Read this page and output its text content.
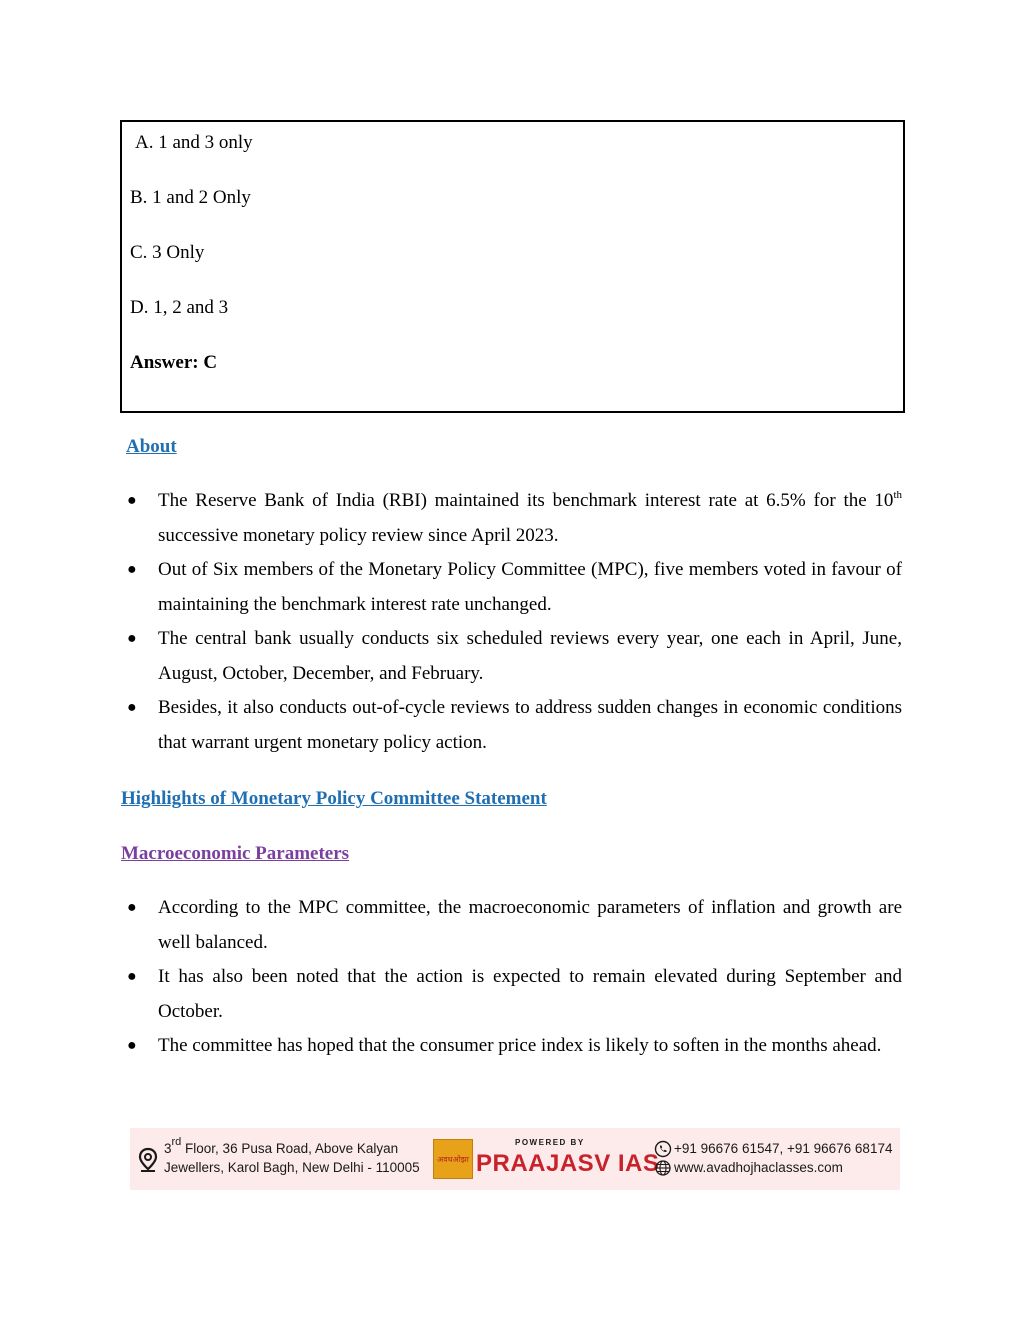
A. 1 and 3 only
B. 1 and 2 Only
C. 3 Only
D. 1, 2 and 3
Answer: C
About
● The Reserve Bank of India (RBI) maintained its benchmark interest rate at 6.5% for the 10th successive monetary policy review since April 2023.
● Out of Six members of the Monetary Policy Committee (MPC), five members voted in favour of maintaining the benchmark interest rate unchanged.
● The central bank usually conducts six scheduled reviews every year, one each in April, June, August, October, December, and February.
● Besides, it also conducts out-of-cycle reviews to address sudden changes in economic conditions that warrant urgent monetary policy action.
Highlights of Monetary Policy Committee Statement
Macroeconomic Parameters
● According to the MPC committee, the macroeconomic parameters of inflation and growth are well balanced.
● It has also been noted that the action is expected to remain elevated during September and October.
● The committee has hoped that the consumer price index is likely to soften in the months ahead.
3rd Floor, 36 Pusa Road, Above Kalyan
Jewellers, Karol Bagh, New Delhi - 110005
अवधओझा
POWERED BY
PRAAJASV IAS
+91 96676 61547, +91 96676 68174
www.avadhojhaclasses.com
